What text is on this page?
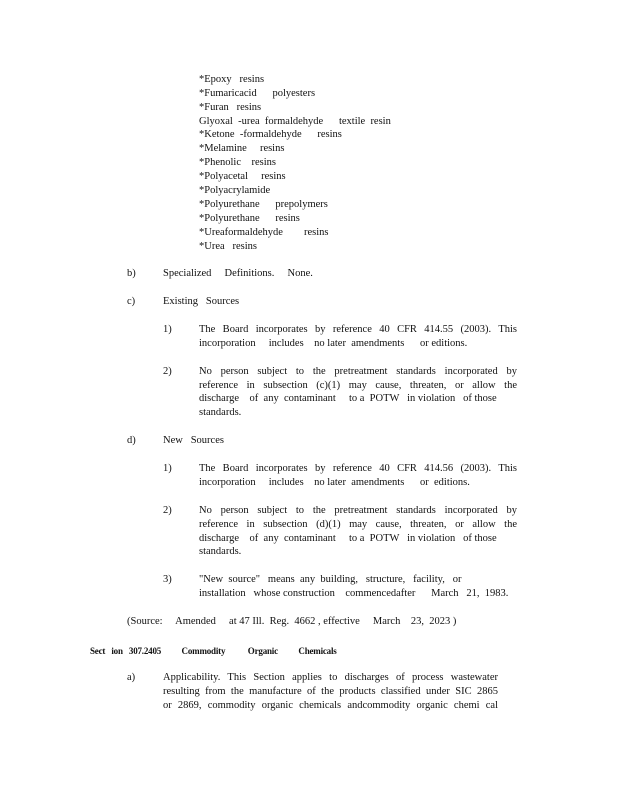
*Epoxy   resins
*Fumaricacid      polyesters
*Furan   resins
Glyoxal  -urea  formaldehyde      textile  resin
*Ketone  -formaldehyde      resins
*Melamine     resins
*Phenolic    resins
*Polyacetal     resins
*Polyacrylamide
*Polyurethane      prepolymers
*Polyurethane      resins
*Ureaformaldehyde        resins
*Urea   resins
b)	Specialized     Definitions.     None.
c)	Existing   Sources
1)	The Board incorporates by reference 40 CFR 414.55 (2003). This
incorporation     includes    no later  amendments      or editions.
2)	No person subject to the pretreatment standards incorporated by
reference in subsection (c)(1) may cause, threaten, or allow the
discharge    of  any  contaminant     to a  POTW   in violation   of those
standards.
d)	New   Sources
1)	The Board incorporates by reference 40 CFR 414.56 (2003). This
incorporation     includes    no later  amendments      or  editions.
2)	No person subject to the pretreatment standards incorporated by
reference in subsection (d)(1) may cause, threaten, or allow the
discharge    of  any  contaminant     to a  POTW   in violation   of those
standards.
3)	"New  source"   means  any  building,   structure,   facility,   or
installation   whose construction    commencedafter      March   21,  1983.
(Source:     Amended     at 47 Ill.  Reg.  4662 , effective     March    23,  2023 )
Sect   ion   307.2405          Commodity           Organic          Chemicals
a)	Applicability. This Section applies to discharges of process wastewater
resulting from the manufacture of the products classified under SIC 2865
or 2869, commodity organic chemicals andcommodity organic chemi cal
